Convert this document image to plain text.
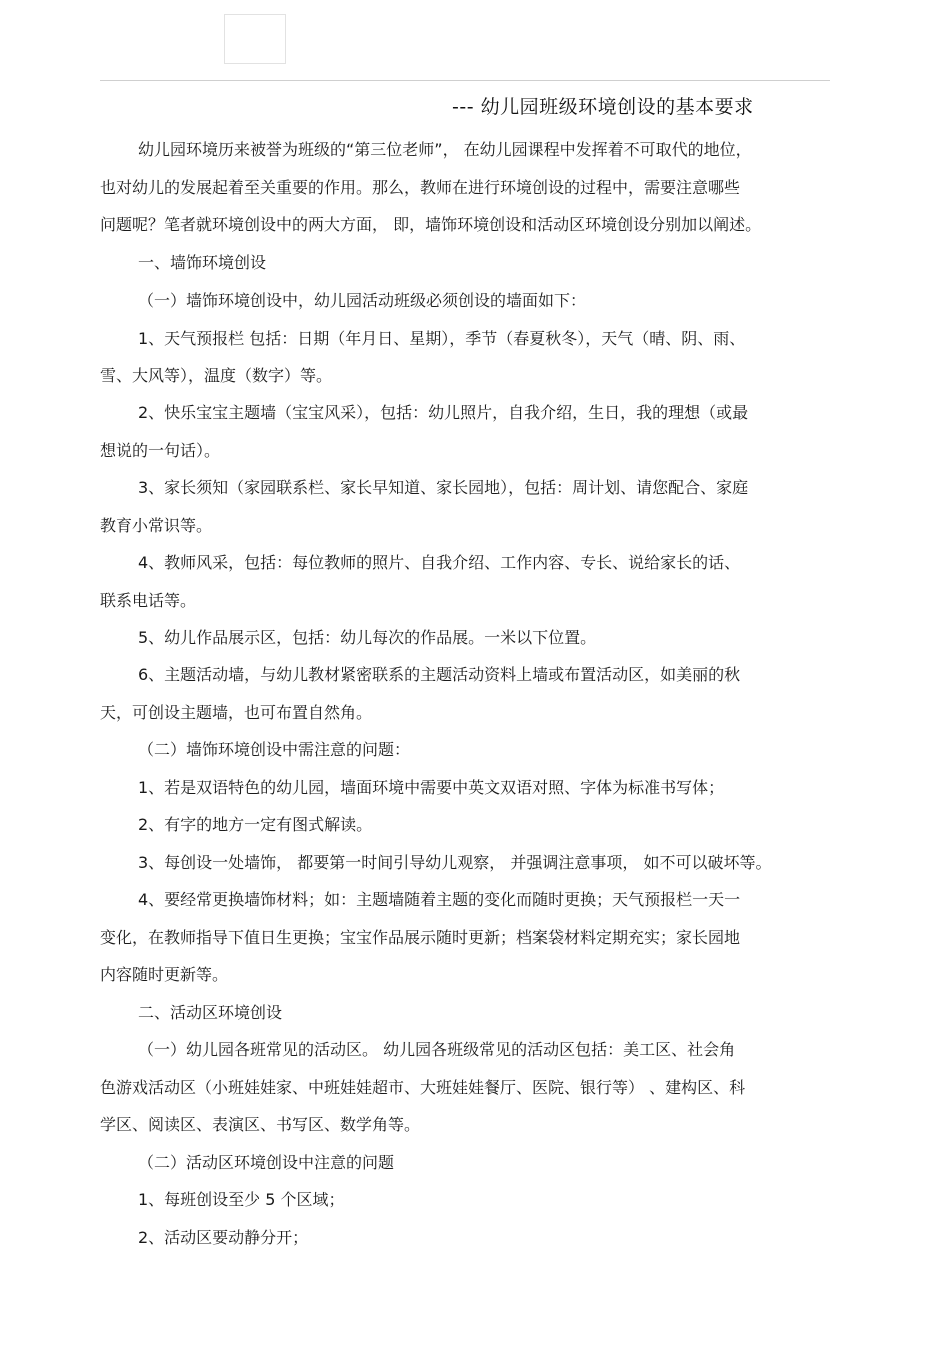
--- 幼儿园班级环境创设的基本要求
幼儿园环境历来被誉为班级的“第三位老师”， 在幼儿园课程中发挥着不可取代的地位，
也对幼儿的发展起着至关重要的作用。那么，教师在进行环境创设的过程中，需要注意哪些
问题呢？笔者就环境创设中的两大方面， 即，墙饰环境创设和活动区环境创设分别加以阐述。
一、墙饰环境创设
（一）墙饰环境创设中，幼儿园活动班级必须创设的墙面如下：
1、天气预报栏 包括：日期（年月日、星期），季节（春夏秋冬），天气（晴、阴、雨、
雪、大风等），温度（数字）等。
2、快乐宝宝主题墙（宝宝风采），包括：幼儿照片，自我介绍，生日，我的理想（或最
想说的一句话）。
3、家长须知（家园联系栏、家长早知道、家长园地），包括：周计划、请您配合、家庭
教育小常识等。
4、教师风采，包括：每位教师的照片、自我介绍、工作内容、专长、说给家长的话、
联系电话等。
5、幼儿作品展示区，包括：幼儿每次的作品展。一米以下位置。
6、主题活动墙，与幼儿教材紧密联系的主题活动资料上墙或布置活动区，如美丽的秋
天，可创设主题墙，也可布置自然角。
（二）墙饰环境创设中需注意的问题：
1、若是双语特色的幼儿园，墙面环境中需要中英文双语对照、字体为标准书写体；
2、有字的地方一定有图式解读。
3、每创设一处墙饰， 都要第一时间引导幼儿观察， 并强调注意事项， 如不可以破坏等。
4、要经常更换墙饰材料；如：主题墙随着主题的变化而随时更换；天气预报栏一天一
变化，在教师指导下值日生更换；宝宝作品展示随时更新；档案袋材料定期充实；家长园地
内容随时更新等。
二、活动区环境创设
（一）幼儿园各班常见的活动区。 幼儿园各班级常见的活动区包括：美工区、社会角
色游戏活动区（小班娃娃家、中班娃娃超市、大班娃娃餐厅、医院、银行等） 、建构区、科
学区、阅读区、表演区、书写区、数学角等。
（二）活动区环境创设中注意的问题
1、每班创设至少 5 个区域；
2、活动区要动静分开；
